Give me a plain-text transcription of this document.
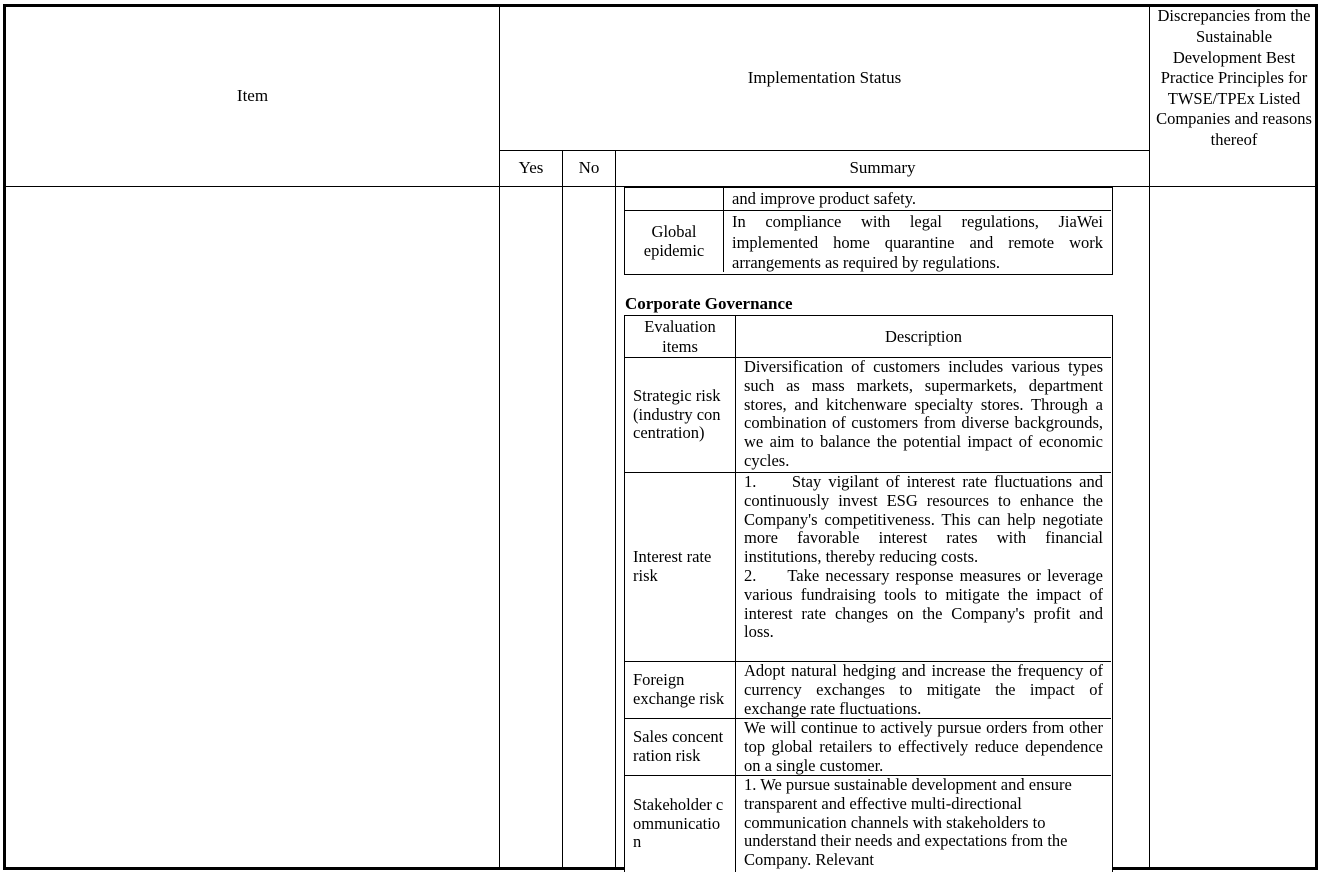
Item
Implementation Status
Discrepancies from the Sustainable Development Best Practice Principles for TWSE/TPEx Listed Companies and reasons thereof
Yes	No	Summary
and improve product safety.
Global epidemic
In compliance with legal regulations, JiaWei implemented home quarantine and remote work arrangements as required by regulations.
Corporate Governance
Evaluation items
Description
Strategic risk (industry concentration)
Diversification of customers includes various types such as mass markets, supermarkets, department stores, and kitchenware specialty stores. Through a combination of customers from diverse backgrounds, we aim to balance the potential impact of economic cycles.
Interest rate risk
1.     Stay vigilant of interest rate fluctuations and continuously invest ESG resources to enhance the Company's competitiveness. This can help negotiate more favorable interest rates with financial institutions, thereby reducing costs.
2.     Take necessary response measures or leverage various fundraising tools to mitigate the impact of interest rate changes on the Company's profit and loss.
Foreign exchange risk
Adopt natural hedging and increase the frequency of currency exchanges to mitigate the impact of exchange rate fluctuations.
Sales concentration risk
We will continue to actively pursue orders from other top global retailers to effectively reduce dependence on a single customer.
Stakeholder communication
1. We pursue sustainable development and ensure transparent and effective multi-directional communication channels with stakeholders to understand their needs and expectations from the Company. Relevant
